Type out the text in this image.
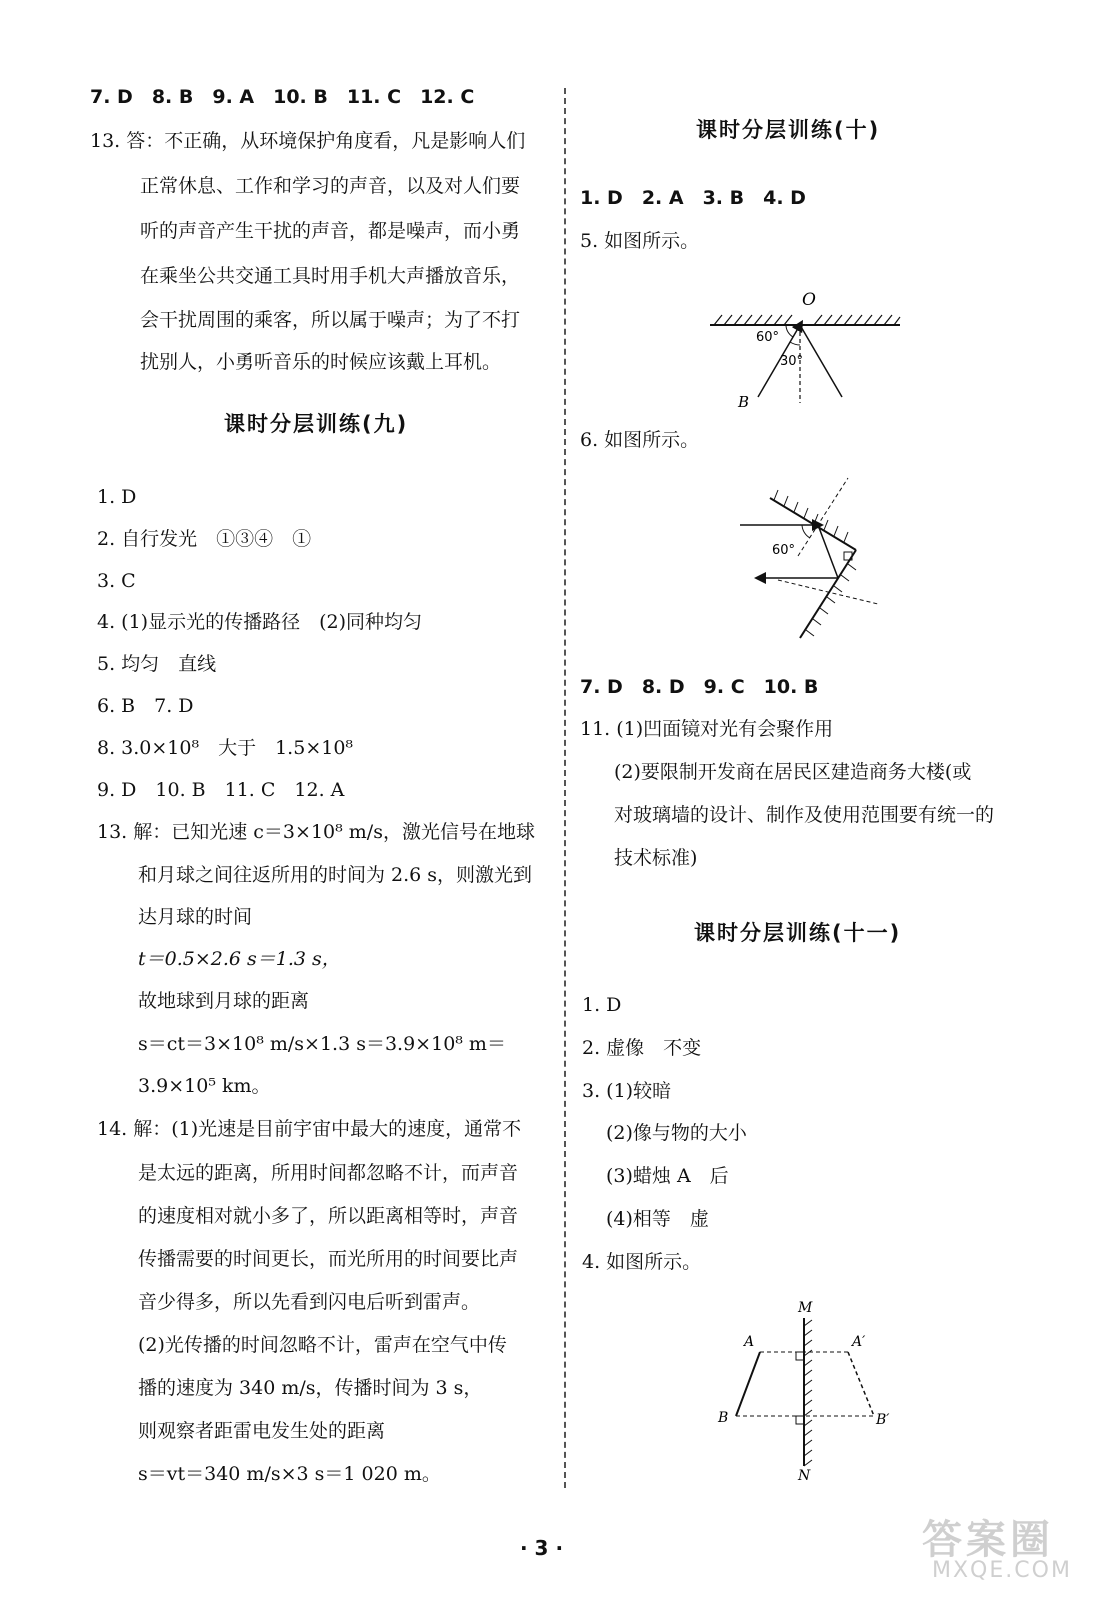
7. D　8. B　9. A　10. B　11. C　12. C
13. 答：不正确，从环境保护角度看，凡是影响人们
正常休息、工作和学习的声音，以及对人们要
听的声音产生干扰的声音，都是噪声，而小勇
在乘坐公共交通工具时用手机大声播放音乐，
会干扰周围的乘客，所以属于噪声；为了不打
扰别人，小勇听音乐的时候应该戴上耳机。
课时分层训练(九)
1. D
2. 自行发光　①③④　①
3. C
4. (1)显示光的传播路径　(2)同种均匀
5. 均匀　直线
6. B　7. D
8. 3.0×10⁸　大于　1.5×10⁸
9. D　10. B　11. C　12. A
13. 解：已知光速 c＝3×10⁸ m/s，激光信号在地球
和月球之间往返所用的时间为 2.6 s，则激光到
达月球的时间
t＝0.5×2.6 s＝1.3 s，
故地球到月球的距离
s＝ct＝3×10⁸ m/s×1.3 s＝3.9×10⁸ m＝
3.9×10⁵ km。
14. 解：(1)光速是目前宇宙中最大的速度，通常不
是太远的距离，所用时间都忽略不计，而声音
的速度相对就小多了，所以距离相等时，声音
传播需要的时间更长，而光所用的时间要比声
音少得多，所以先看到闪电后听到雷声。
(2)光传播的时间忽略不计，雷声在空气中传
播的速度为 340 m/s，传播时间为 3 s，
则观察者距雷电发生处的距离
s＝vt＝340 m/s×3 s＝1 020 m。
课时分层训练(十)
1. D　2. A　3. B　4. D
5. 如图所示。
O
B
60°
30°
6. 如图所示。
60°
7. D　8. D　9. C　10. B
11. (1)凹面镜对光有会聚作用
(2)要限制开发商在居民区建造商务大楼(或
对玻璃墙的设计、制作及使用范围要有统一的
技术标准)
课时分层训练(十一)
1. D
2. 虚像　不变
3. (1)较暗
(2)像与物的大小
(3)蜡烛 A　后
(4)相等　虚
4. 如图所示。
M
N
A	A′
B	B′
· 3 ·	答案圈
MXQE.COM
